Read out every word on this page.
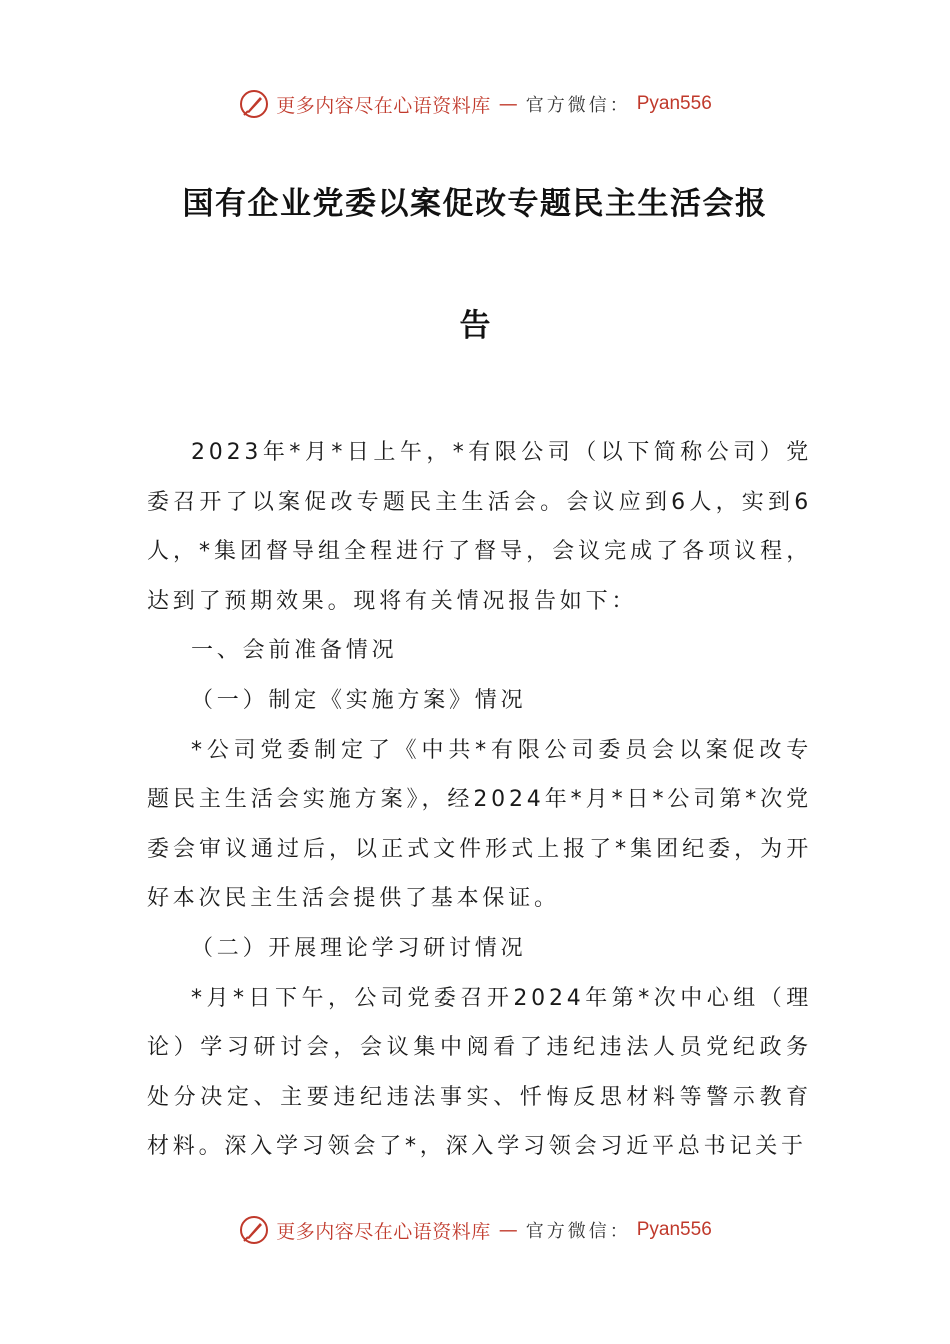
更多内容尽在心语资料库 — 官方微信： Pyan556
国有企业党委以案促改专题民主生活会报
告

2023年*月*日上午，*有限公司（以下简称公司）党委召开了以案促改专题民主生活会。会议应到6人，实到6人，*集团督导组全程进行了督导，会议完成了各项议程，达到了预期效果。现将有关情况报告如下：

一、会前准备情况

（一）制定《实施方案》情况

*公司党委制定了《中共*有限公司委员会以案促改专题民主生活会实施方案》，经2024年*月*日*公司第*次党委会审议通过后，以正式文件形式上报了*集团纪委，为开好本次民主生活会提供了基本保证。

（二）开展理论学习研讨情况

*月*日下午，公司党委召开2024年第*次中心组（理论）学习研讨会，会议集中阅看了违纪违法人员党纪政务处分决定、主要违纪违法事实、忏悔反思材料等警示教育材料。深入学习领会了*，深入学习领会习近平总书记关于

更多内容尽在心语资料库 — 官方微信： Pyan556
